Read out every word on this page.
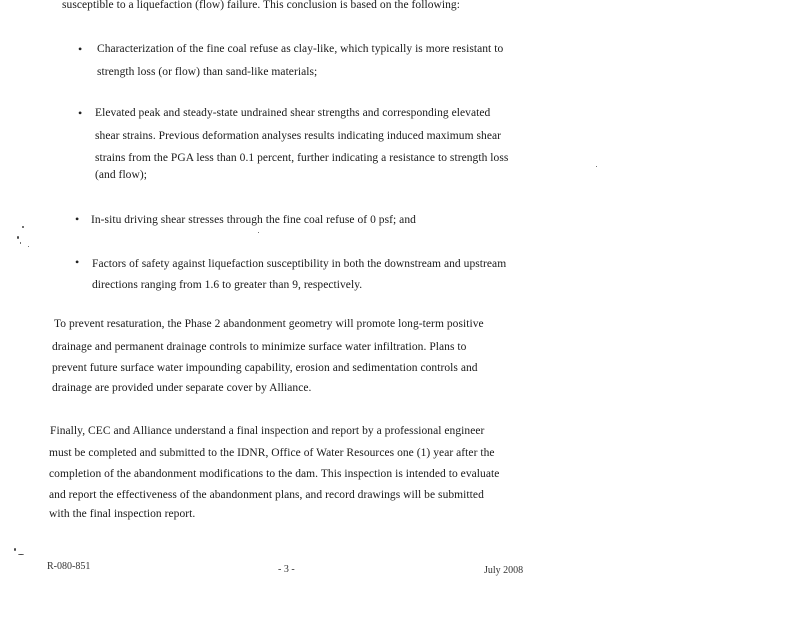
susceptible to a liquefaction (flow) failure. This conclusion is based on the following:
• Characterization of the fine coal refuse as clay-like, which typically is more resistant to
strength loss (or flow) than sand-like materials;
• Elevated peak and steady-state undrained shear strengths and corresponding elevated
shear strains. Previous deformation analyses results indicating induced maximum shear
strains from the PGA less than 0.1 percent, further indicating a resistance to strength loss
(and flow);
• In-situ driving shear stresses through the fine coal refuse of 0 psf; and
• Factors of safety against liquefaction susceptibility in both the downstream and upstream
directions ranging from 1.6 to greater than 9, respectively.
To prevent resaturation, the Phase 2 abandonment geometry will promote long-term positive
drainage and permanent drainage controls to minimize surface water infiltration. Plans to
prevent future surface water impounding capability, erosion and sedimentation controls and
drainage are provided under separate cover by Alliance.
Finally, CEC and Alliance understand a final inspection and report by a professional engineer
must be completed and submitted to the IDNR, Office of Water Resources one (1) year after the
completion of the abandonment modifications to the dam. This inspection is intended to evaluate
and report the effectiveness of the abandonment plans, and record drawings will be submitted
with the final inspection report.
R-080-851	- 3 -	July 2008
